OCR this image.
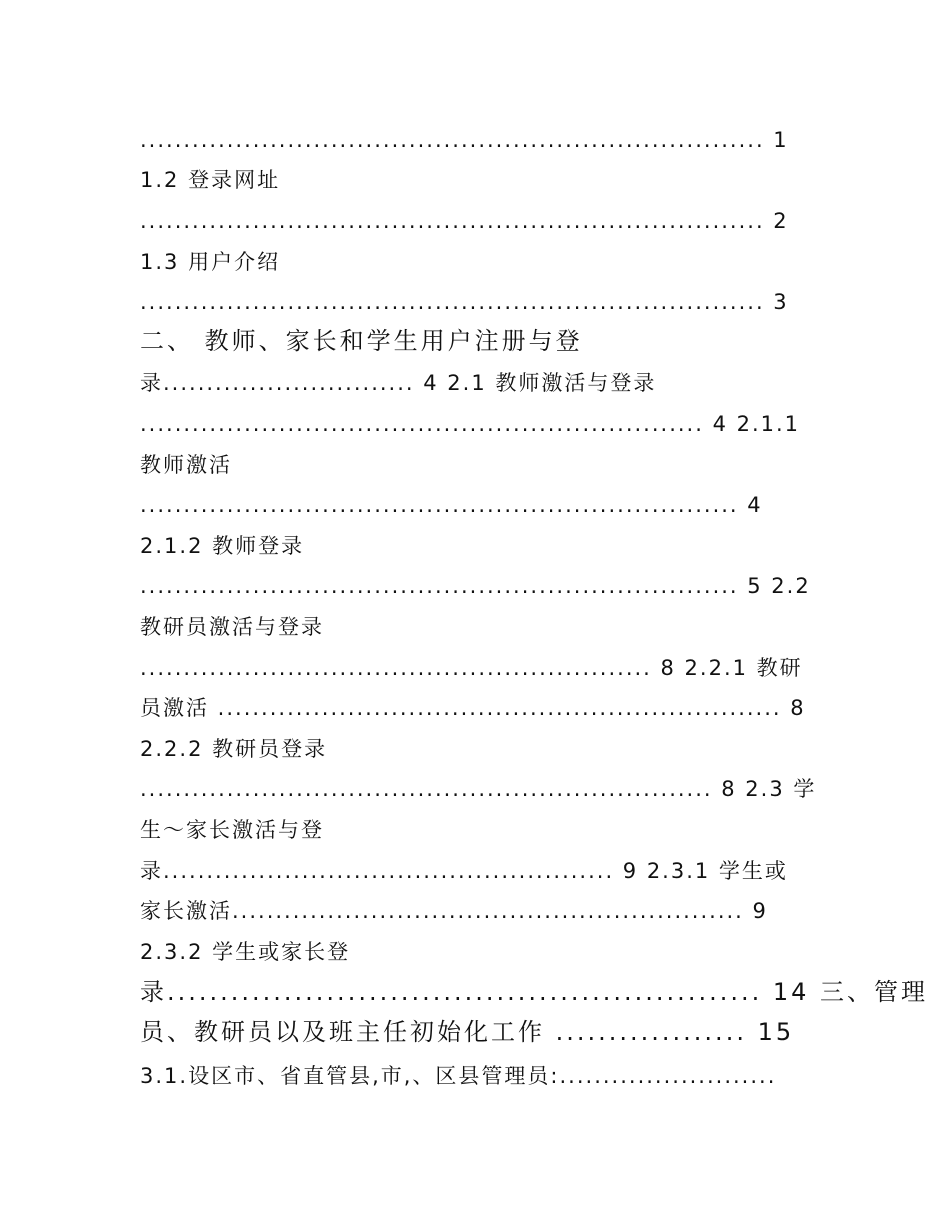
........................................................................ 1
1.2 登录网址
........................................................................ 2
1.3 用户介绍
........................................................................ 3
二、 教师、家长和学生用户注册与登
录............................. 4 2.1 教师激活与登录
................................................................. 4 2.1.1
教师激活
..................................................................... 4
2.1.2 教师登录
..................................................................... 5 2.2
教研员激活与登录
........................................................... 8 2.2.1 教研
员激活 ................................................................. 8
2.2.2 教研员登录
.................................................................. 8 2.3 学
生～家长激活与登
录.................................................... 9 2.3.1 学生或
家长激活........................................................... 9
2.3.2 学生或家长登
录........................................................ 14 三、管理
员、教研员以及班主任初始化工作 .................. 15
3.1.设区市、省直管县,市,、区县管理员:.........................
